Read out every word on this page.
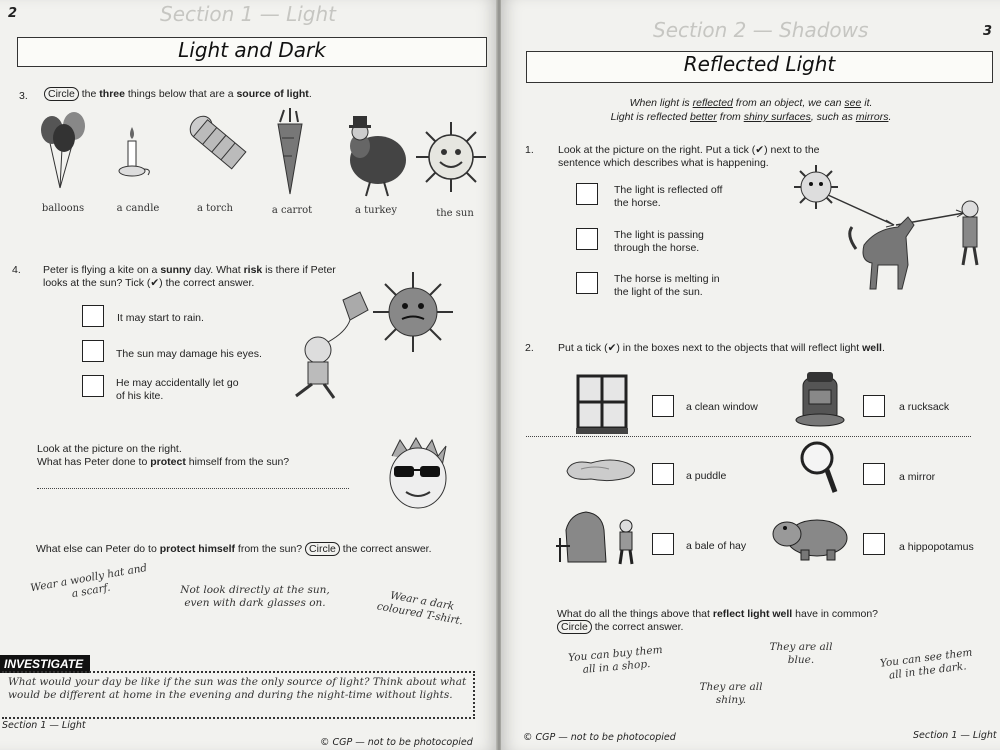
2	Section 1 — Light
Light and Dark
3.	Circle the three things below that are a source of light.
balloons	a candle	a torch	a carrot	a turkey	the sun
4. Peter is flying a kite on a sunny day. What risk is there if Peter
looks at the sun? Tick (✔) the correct answer.
It may start to rain.
The sun may damage his eyes.
He may accidentally let go of his kite.
Look at the picture on the right.
What has Peter done to protect himself from the sun?
What else can Peter do to protect himself from the sun? Circle the correct answer.
Wear a woolly hat and a scarf.	Not look directly at the sun, even with dark glasses on.	Wear a dark coloured T-shirt.
INVESTIGATE
What would your day be like if the sun was the only source of light? Think about what would be different at home in the evening and during the night-time without lights.
Section 1 — Light
© CGP — not to be photocopied
3
Section 2 — Shadows
Reflected Light
When light is reflected from an object, we can see it.
Light is reflected better from shiny surfaces, such as mirrors.
1. Look at the picture on the right. Put a tick (✔) next to the
sentence which describes what is happening.
The light is reflected off the horse.
The light is passing through the horse.
The horse is melting in the light of the sun.
2. Put a tick (✔) in the boxes next to the objects that will reflect light well.
a clean window	a rucksack
a puddle	a mirror
a bale of hay	a hippopotamus
What do all the things above that reflect light well have in common?
Circle the correct answer.
You can buy them all in a shop.
They are all blue.
They are all shiny.
You can see them all in the dark.
© CGP — not to be photocopied	Section 1 — Light
